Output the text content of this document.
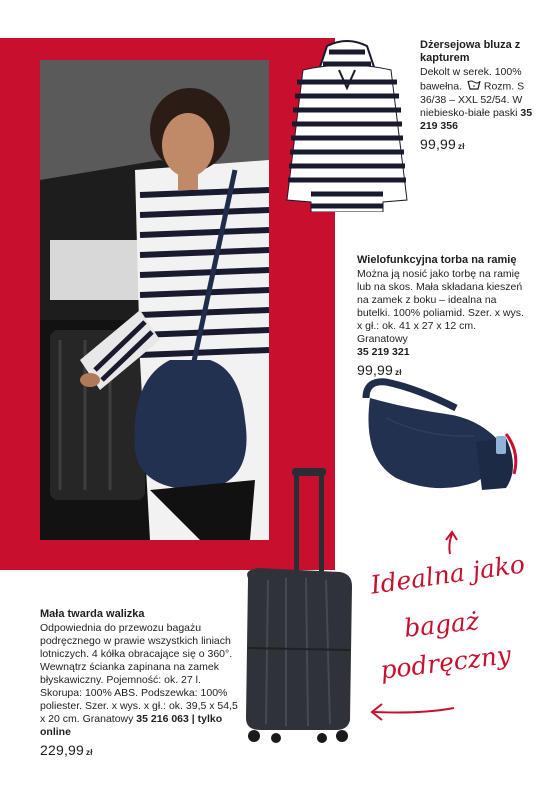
Dżersejowa bluza z kapturem
Dekolt w serek. 100% bawełna. Rozm. S 36/38 – XXL 52/54. W niebiesko-białe paski 35 219 356
99,99 zł
Wielofunkcyjna torba na ramię
Można ją nosić jako torbę na ramię lub na skos. Mała składana kieszeń na zamek z boku – idealna na butelki. 100% poliamid. Szer. x wys. x gł.: ok. 41 x 27 x 12 cm. Granatowy
35 219 321
99,99 zł
Mała twarda walizka
Odpowiednia do przewozu bagażu podręcznego w prawie wszystkich liniach lotniczych. 4 kółka obracające się o 360°. Wewnątrz ścianka zapinana na zamek błyskawiczny. Pojemność: ok. 27 l. Skorupa: 100% ABS. Podszewka: 100% poliester. Szer. x wys. x gł.: ok. 39,5 x 54,5 x 20 cm. Granatowy 35 216 063 | tylko online
229,99 zł
Idealna jako
bagaż
podręczny
